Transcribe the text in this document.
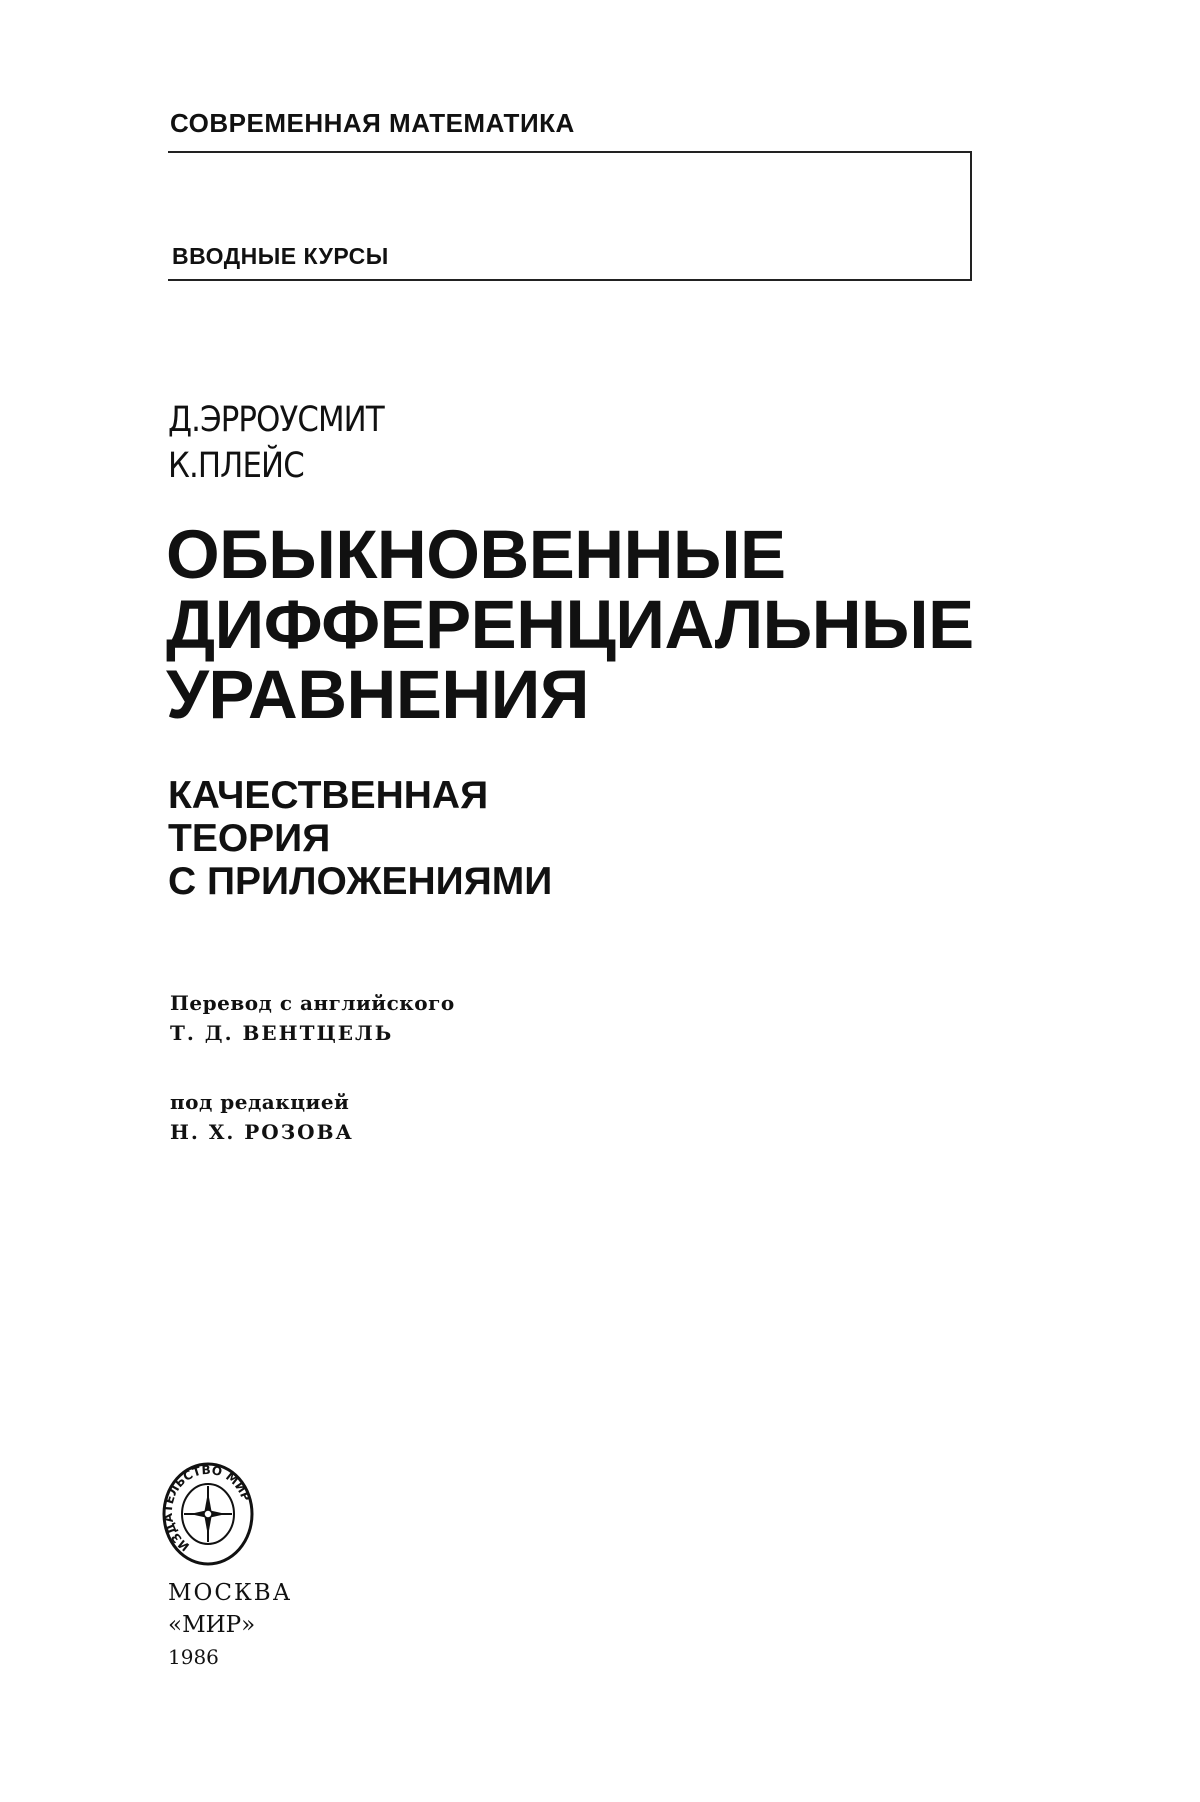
СОВРЕМЕННАЯ МАТЕМАТИКА
ВВОДНЫЕ КУРСЫ
Д.ЭРРОУСМИТ
К.ПЛЕЙС
ОБЫКНОВЕННЫЕ
ДИФФЕРЕНЦИАЛЬНЫЕ
УРАВНЕНИЯ
КАЧЕСТВЕННАЯ
ТЕОРИЯ
С ПРИЛОЖЕНИЯМИ
Перевод с английского
Т. Д. ВЕНТЦЕЛЬ
под редакцией
Н. Х. РОЗОВА
ИЗДАТЕЛЬСТВО МИР
МОСКВА
«МИР»
1986
